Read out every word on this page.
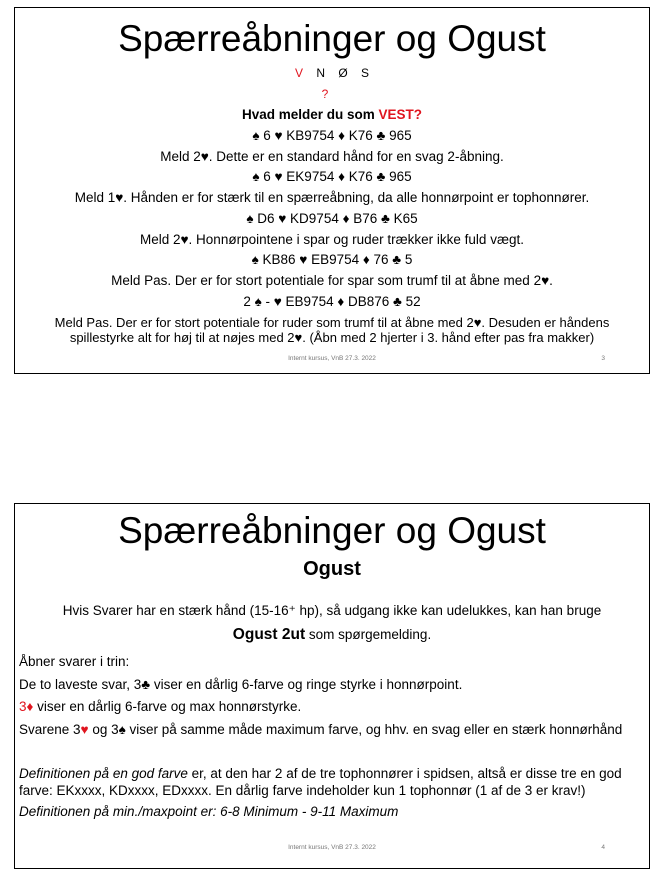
Spærreåbninger og Ogust
V N Ø S
?
Hvad melder du som VEST?
♠ 6 ♥ KB9754 ♦ K76 ♣ 965
Meld 2♥. Dette er en standard hånd for en svag 2-åbning.
♠ 6 ♥ EK9754 ♦ K76 ♣ 965
Meld 1♥. Hånden er for stærk til en spærreåbning, da alle honnørpoint er tophonnører.
♠ D6 ♥ KD9754 ♦ B76 ♣ K65
Meld 2♥. Honnørpointene i spar og ruder trækker ikke fuld vægt.
♠ KB86 ♥ EB9754 ♦ 76 ♣ 5
Meld Pas. Der er for stort potentiale for spar som trumf til at åbne med 2♥.
2 ♠ - ♥ EB9754 ♦ DB876 ♣ 52
Meld Pas. Der er for stort potentiale for ruder som trumf til at åbne med 2♥. Desuden er håndens
spillestyrke alt for høj til at nøjes med 2♥. (Åbn med 2 hjerter i 3. hånd efter pas fra makker)
Internt kursus, VnB 27.3. 2022	3
Spærreåbninger og Ogust
Ogust
Hvis Svarer har en stærk hånd (15-16⁺ hp), så udgang ikke kan udelukkes, kan han bruge
Ogust 2ut som spørgemelding.
Åbner svarer i trin:
De to laveste svar, 3♣ viser en dårlig 6-farve og ringe styrke i honnørpoint.
3♦ viser en dårlig 6-farve og max honnørstyrke.
Svarene 3♥ og 3♠ viser på samme måde maximum farve, og hhv. en svag eller en stærk honnørhånd
Definitionen på en god farve er, at den har 2 af de tre tophonnører i spidsen, altså er disse tre en god
farve: EKxxxx, KDxxxx, EDxxxx. En dårlig farve indeholder kun 1 tophonnør (1 af de 3 er krav!)
Definitionen på min./maxpoint er: 6-8 Minimum - 9-11 Maximum
Internt kursus, VnB 27.3. 2022	4
